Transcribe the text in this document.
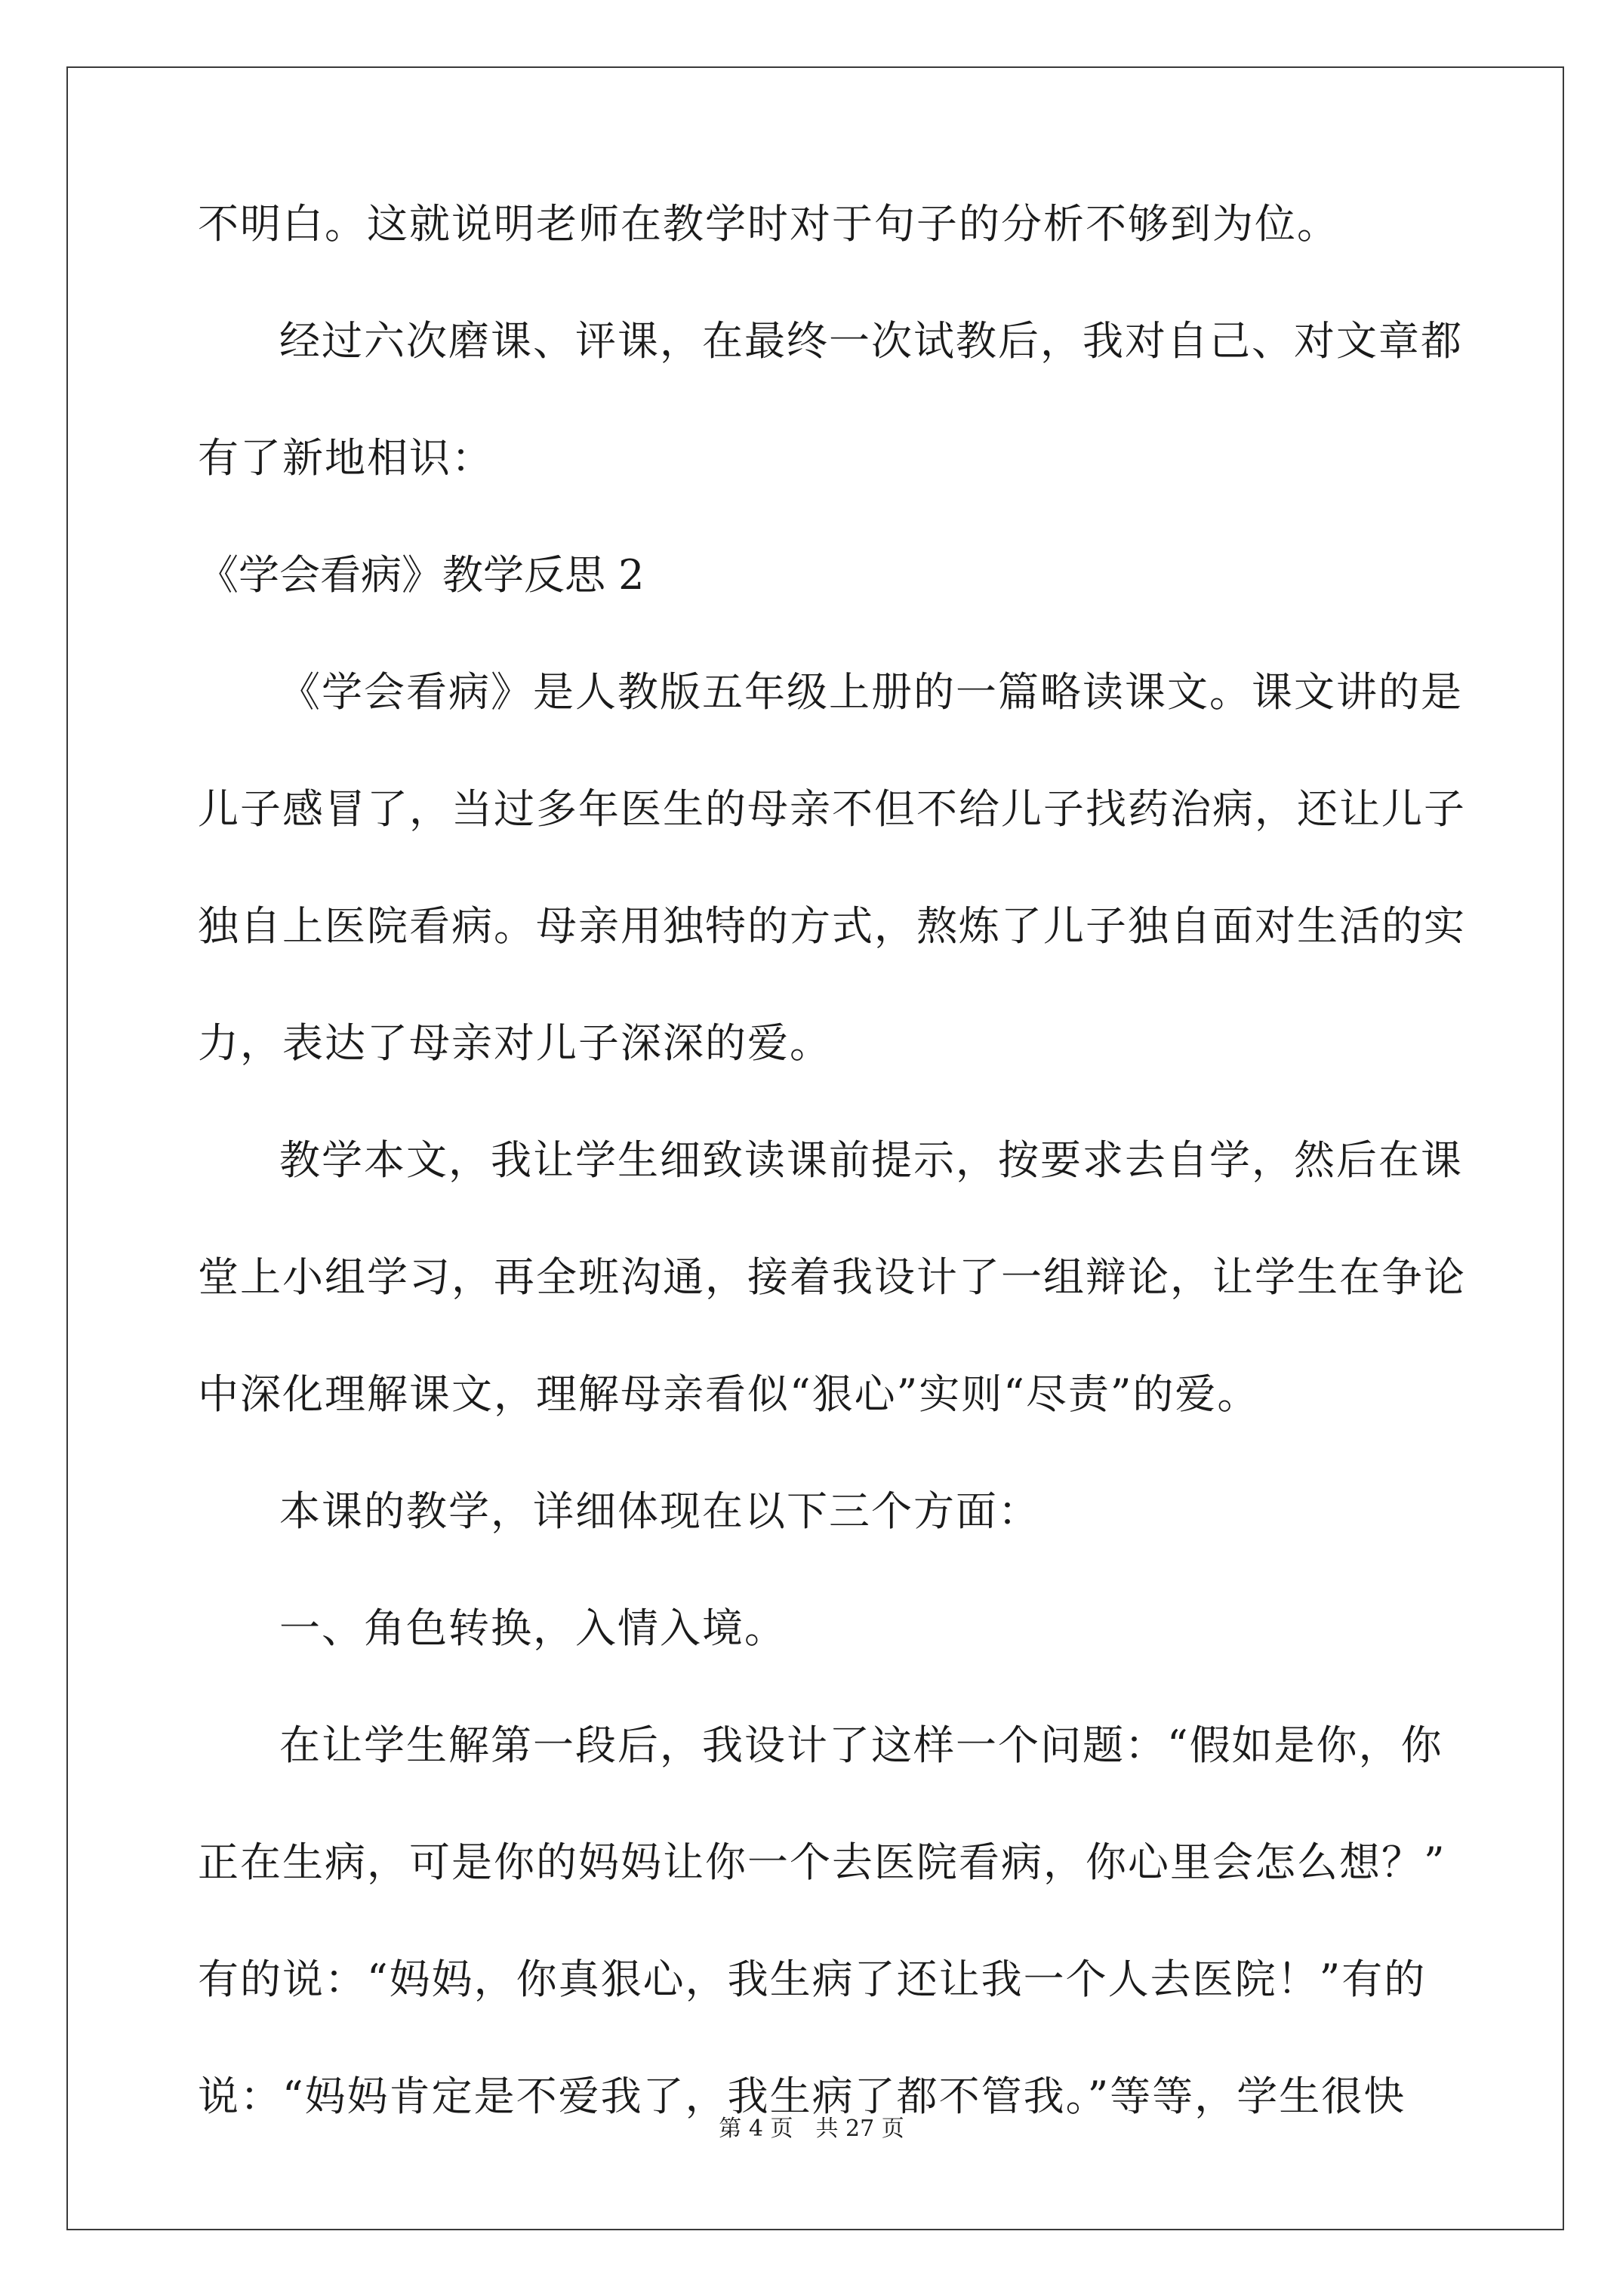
不明白。这就说明老师在教学时对于句子的分析不够到为位。

经过六次磨课、评课，在最终一次试教后，我对自己、对文章都

有了新地相识：

《学会看病》教学反思 2

《学会看病》是人教版五年级上册的一篇略读课文。课文讲的是

儿子感冒了，当过多年医生的母亲不但不给儿子找药治病，还让儿子

独自上医院看病。母亲用独特的方式，熬炼了儿子独自面对生活的实

力，表达了母亲对儿子深深的爱。

教学本文，我让学生细致读课前提示，按要求去自学，然后在课

堂上小组学习，再全班沟通，接着我设计了一组辩论，让学生在争论

中深化理解课文，理解母亲看似“狠心”实则“尽责”的爱。

本课的教学，详细体现在以下三个方面：

一、角色转换，入情入境。

在让学生解第一段后，我设计了这样一个问题：“假如是你，你

正在生病，可是你的妈妈让你一个去医院看病，你心里会怎么想？”

有的说：“妈妈，你真狠心，我生病了还让我一个人去医院！”有的

说：“妈妈肯定是不爱我了，我生病了都不管我。”等等，学生很快

第 4 页　共 27 页
